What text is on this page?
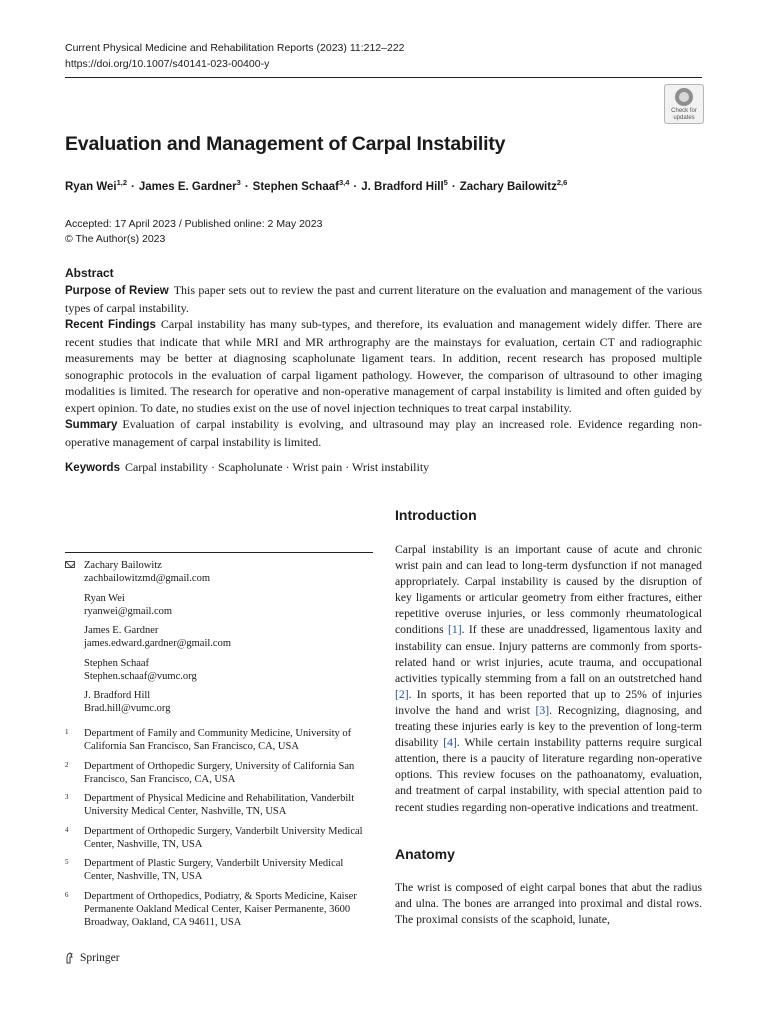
Current Physical Medicine and Rehabilitation Reports (2023) 11:212–222
https://doi.org/10.1007/s40141-023-00400-y
Check for
updates
Evaluation and Management of Carpal Instability
Ryan Wei$^{1,2}$ · James E. Gardner$^3$ · Stephen Schaaf$^{3,4}$ · J. Bradford Hill$^5$ · Zachary Bailowitz$^{2,6}$
Accepted: 17 April 2023 / Published online: 2 May 2023
© The Author(s) 2023
Abstract

Purpose of Review This paper sets out to review the past and current literature on the evaluation and management of the various types of carpal instability.

Recent Findings Carpal instability has many sub-types, and therefore, its evaluation and management widely differ. There are recent studies that indicate that while MRI and MR arthrography are the mainstays for evaluation, certain CT and radiographic measurements may be better at diagnosing scapholunate ligament tears. In addition, recent research has proposed multiple sonographic protocols in the evaluation of carpal ligament pathology. However, the comparison of ultrasound to other imaging modalities is limited. The research for operative and non-operative management of carpal instability is limited and often guided by expert opinion. To date, no studies exist on the use of novel injection techniques to treat carpal instability.

Summary Evaluation of carpal instability is evolving, and ultrasound may play an increased role. Evidence regarding non-operative management of carpal instability is limited.

Keywords Carpal instability · Scapholunate · Wrist pain · Wrist instability
Zachary Bailowitz
zachbailowitzmd@gmail.com
Ryan Wei
ryanwei@gmail.com
James E. Gardner
james.edward.gardner@gmail.com
Stephen Schaaf
Stephen.schaaf@vumc.org
J. Bradford Hill
Brad.hill@vumc.org
1 Department of Family and Community Medicine, University of California San Francisco, San Francisco, CA, USA
2 Department of Orthopedic Surgery, University of California San Francisco, San Francisco, CA, USA
3 Department of Physical Medicine and Rehabilitation, Vanderbilt University Medical Center, Nashville, TN, USA
4 Department of Orthopedic Surgery, Vanderbilt University Medical Center, Nashville, TN, USA
5 Department of Plastic Surgery, Vanderbilt University Medical Center, Nashville, TN, USA
6 Department of Orthopedics, Podiatry, & Sports Medicine, Kaiser Permanente Oakland Medical Center, Kaiser Permanente, 3600 Broadway, Oakland, CA 94611, USA
Springer
Introduction

Carpal instability is an important cause of acute and chronic wrist pain and can lead to long-term dysfunction if not managed appropriately. Carpal instability is caused by the disruption of key ligaments or articular geometry from either fractures, either repetitive overuse injuries, or less commonly rheumatological conditions [1]. If these are unaddressed, ligamentous laxity and instability can ensue. Injury patterns are commonly from sports-related hand or wrist injuries, acute trauma, and occupational activities typically stemming from a fall on an outstretched hand [2]. In sports, it has been reported that up to 25% of injuries involve the hand and wrist [3]. Recognizing, diagnosing, and treating these injuries early is key to the prevention of long-term disability [4]. While certain instability patterns require surgical attention, there is a paucity of literature regarding non-operative options. This review focuses on the pathoanatomy, evaluation, and treatment of carpal instability, with special attention paid to recent studies regarding non-operative indications and treatment.

Anatomy

The wrist is composed of eight carpal bones that abut the radius and ulna. The bones are arranged into proximal and distal rows. The proximal consists of the scaphoid, lunate,
